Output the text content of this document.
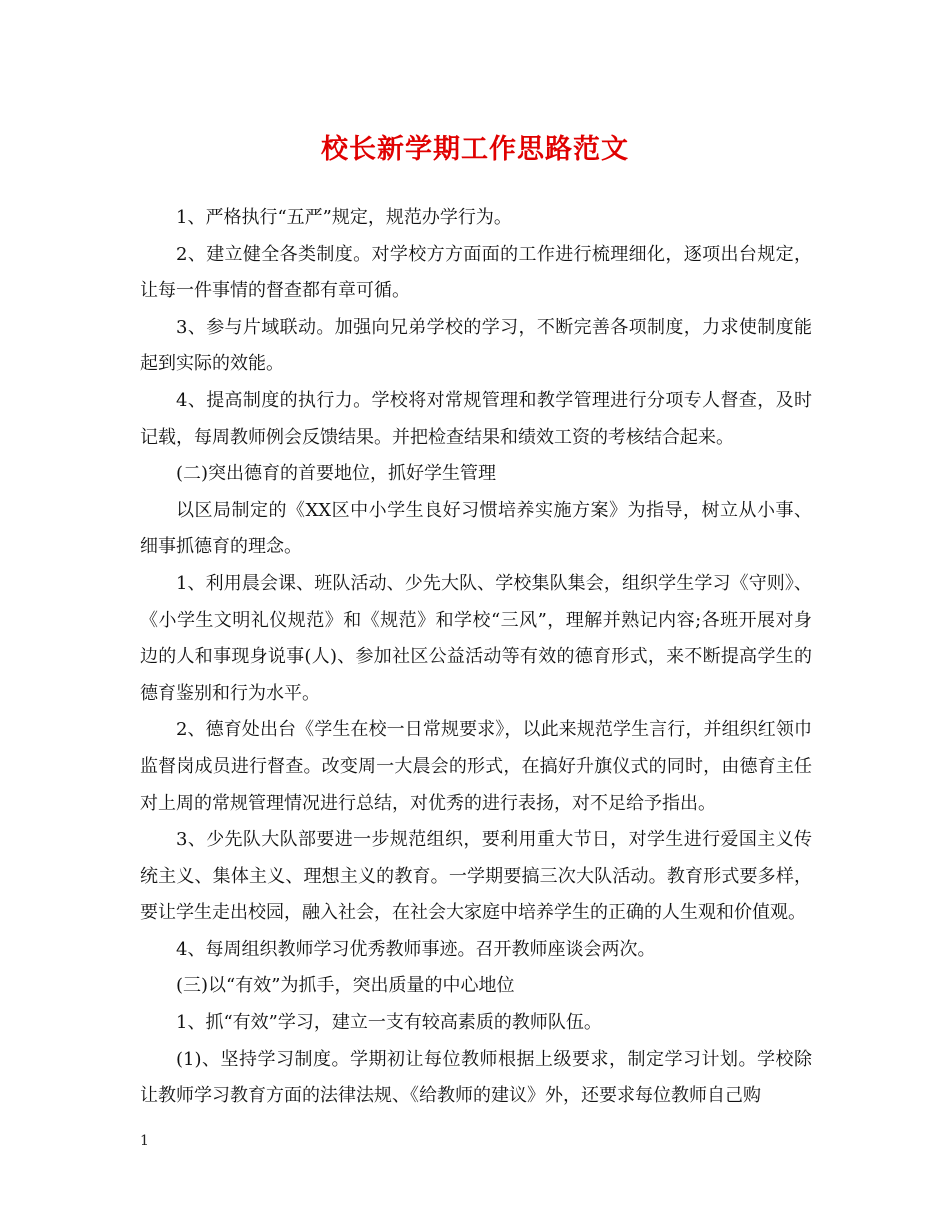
校长新学期工作思路范文

1、严格执行“五严”规定，规范办学行为。

2、建立健全各类制度。对学校方方面面的工作进行梳理细化，逐项出台规定，让每一件事情的督查都有章可循。

3、参与片域联动。加强向兄弟学校的学习，不断完善各项制度，力求使制度能起到实际的效能。

4、提高制度的执行力。学校将对常规管理和教学管理进行分项专人督查，及时记载，每周教师例会反馈结果。并把检查结果和绩效工资的考核结合起来。

(二)突出德育的首要地位，抓好学生管理

以区局制定的《XX区中小学生良好习惯培养实施方案》为指导，树立从小事、细事抓德育的理念。

1、利用晨会课、班队活动、少先大队、学校集队集会，组织学生学习《守则》、《小学生文明礼仪规范》和《规范》和学校“三风”，理解并熟记内容;各班开展对身边的人和事现身说事(人)、参加社区公益活动等有效的德育形式，来不断提高学生的德育鉴别和行为水平。

2、德育处出台《学生在校一日常规要求》，以此来规范学生言行，并组织红领巾监督岗成员进行督查。改变周一大晨会的形式，在搞好升旗仪式的同时，由德育主任对上周的常规管理情况进行总结，对优秀的进行表扬，对不足给予指出。

3、少先队大队部要进一步规范组织，要利用重大节日，对学生进行爱国主义传统主义、集体主义、理想主义的教育。一学期要搞三次大队活动。教育形式要多样，要让学生走出校园，融入社会，在社会大家庭中培养学生的正确的人生观和价值观。

4、每周组织教师学习优秀教师事迹。召开教师座谈会两次。

(三)以“有效”为抓手，突出质量的中心地位

1、抓“有效”学习，建立一支有较高素质的教师队伍。

(1)、坚持学习制度。学期初让每位教师根据上级要求，制定学习计划。学校除让教师学习教育方面的法律法规、《给教师的建议》外，还要求每位教师自己购

1
